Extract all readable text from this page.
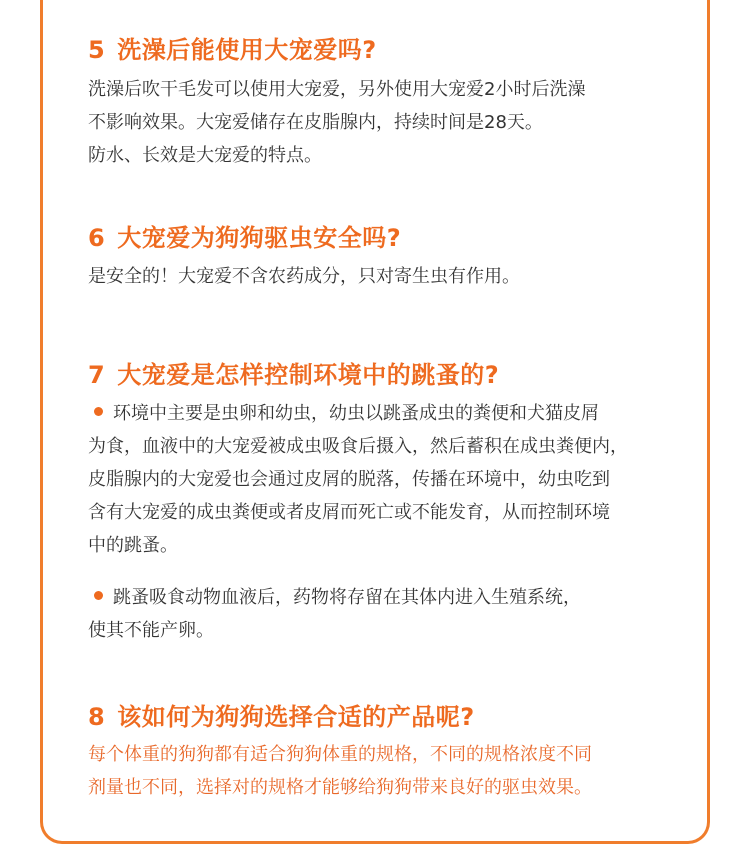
5 洗澡后能使用大宠爱吗?

洗澡后吹干毛发可以使用大宠爱，另外使用大宠爱2小时后洗澡
不影响效果。大宠爱储存在皮脂腺内，持续时间是28天。
防水、长效是大宠爱的特点。

6 大宠爱为狗狗驱虫安全吗?

是安全的！大宠爱不含农药成分，只对寄生虫有作用。

7 大宠爱是怎样控制环境中的跳蚤的?

环境中主要是虫卵和幼虫，幼虫以跳蚤成虫的粪便和犬猫皮屑
为食，血液中的大宠爱被成虫吸食后摄入，然后蓄积在成虫粪便内，
皮脂腺内的大宠爱也会通过皮屑的脱落，传播在环境中，幼虫吃到
含有大宠爱的成虫粪便或者皮屑而死亡或不能发育，从而控制环境
中的跳蚤。

跳蚤吸食动物血液后，药物将存留在其体内进入生殖系统，
使其不能产卵。

8 该如何为狗狗选择合适的产品呢?

每个体重的狗狗都有适合狗狗体重的规格，不同的规格浓度不同
剂量也不同，选择对的规格才能够给狗狗带来良好的驱虫效果。
